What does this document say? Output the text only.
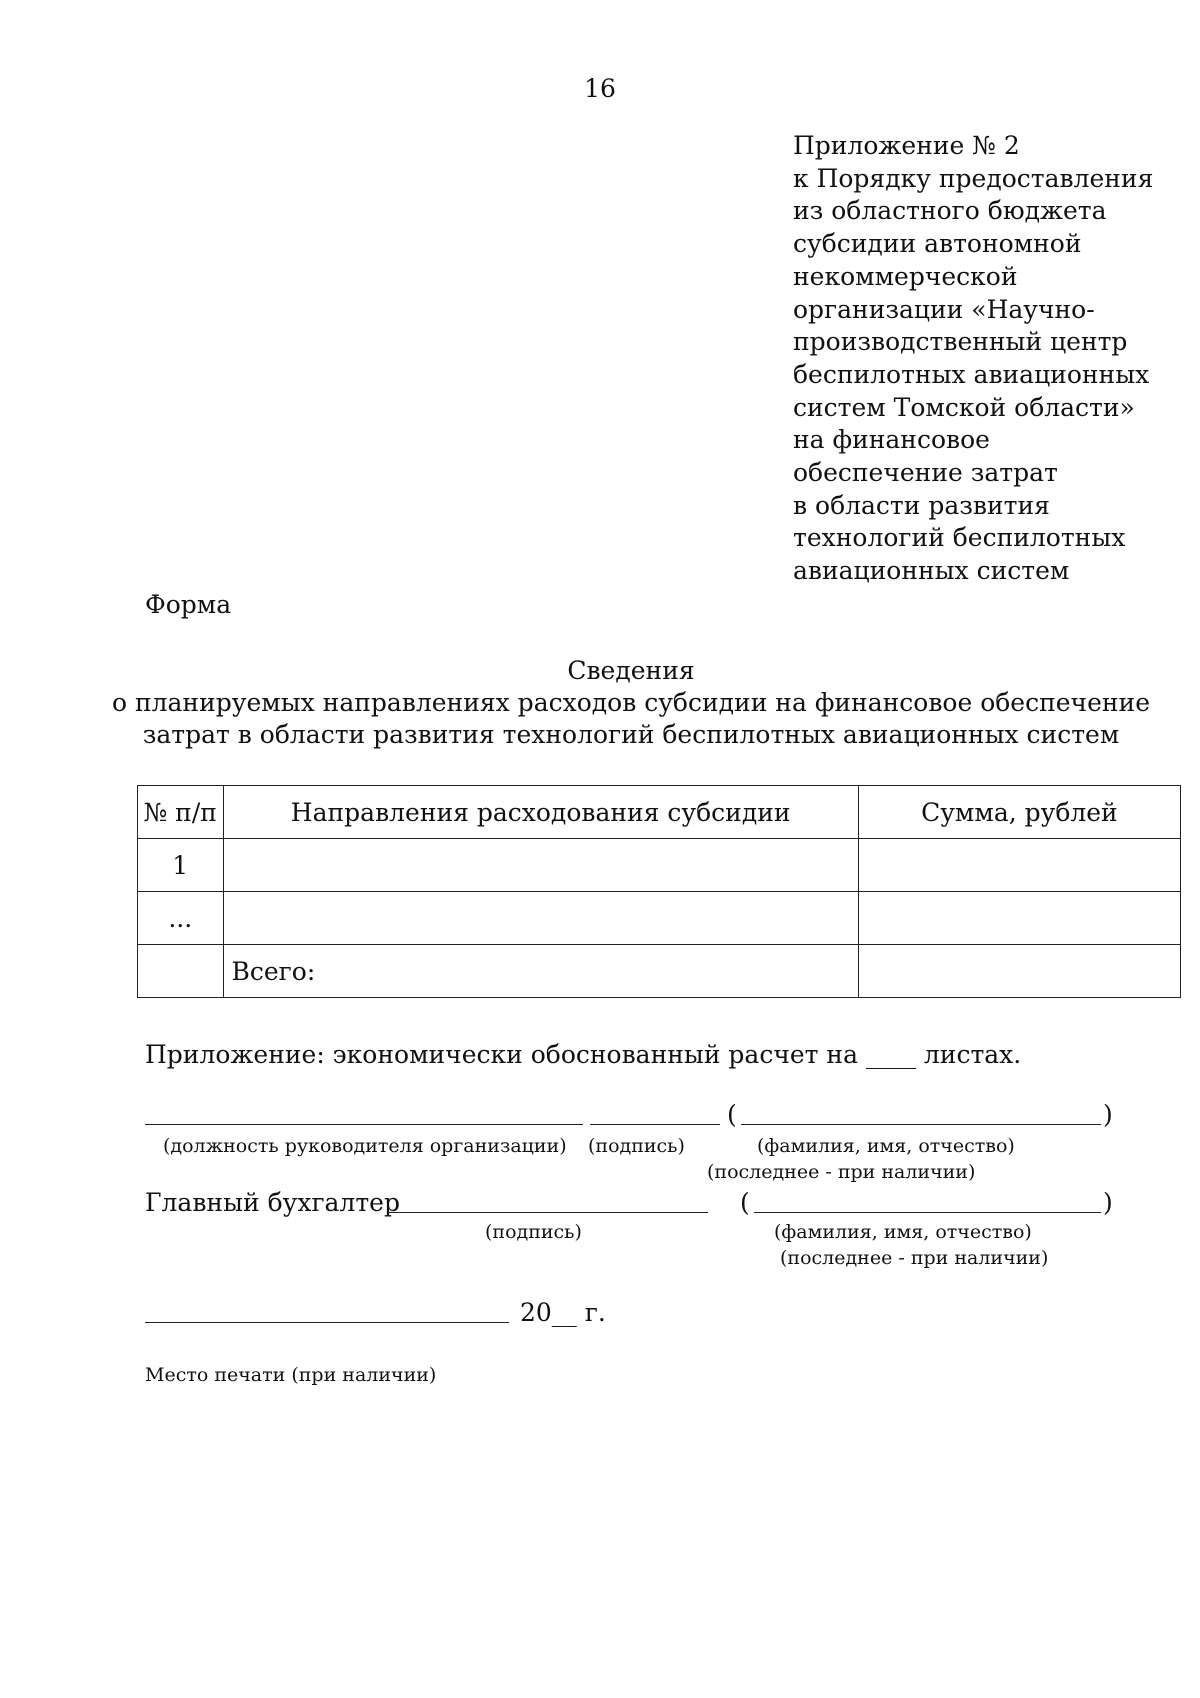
16
Приложение № 2
к Порядку предоставления
из областного бюджета
субсидии автономной
некоммерческой
организации «Научно-
производственный центр
беспилотных авиационных
систем Томской области»
на финансовое
обеспечение затрат
в области развития
технологий беспилотных
авиационных систем
Форма
Сведения
о планируемых направлениях расходов субсидии на финансовое обеспечение
затрат в области развития технологий беспилотных авиационных систем
№ п/п	Направления расходования субсидии	Сумма, рублей
1		
...		
	Всего:	
Приложение: экономически обоснованный расчет на ____ листах.
(	)
(должность руководителя организации) (подпись)	(фамилия, имя, отчество)
(последнее - при наличии)
Главный бухгалтер	(	)
(подпись)	(фамилия, имя, отчество)
(последнее - при наличии)
20__ г.
Место печати (при наличии)
